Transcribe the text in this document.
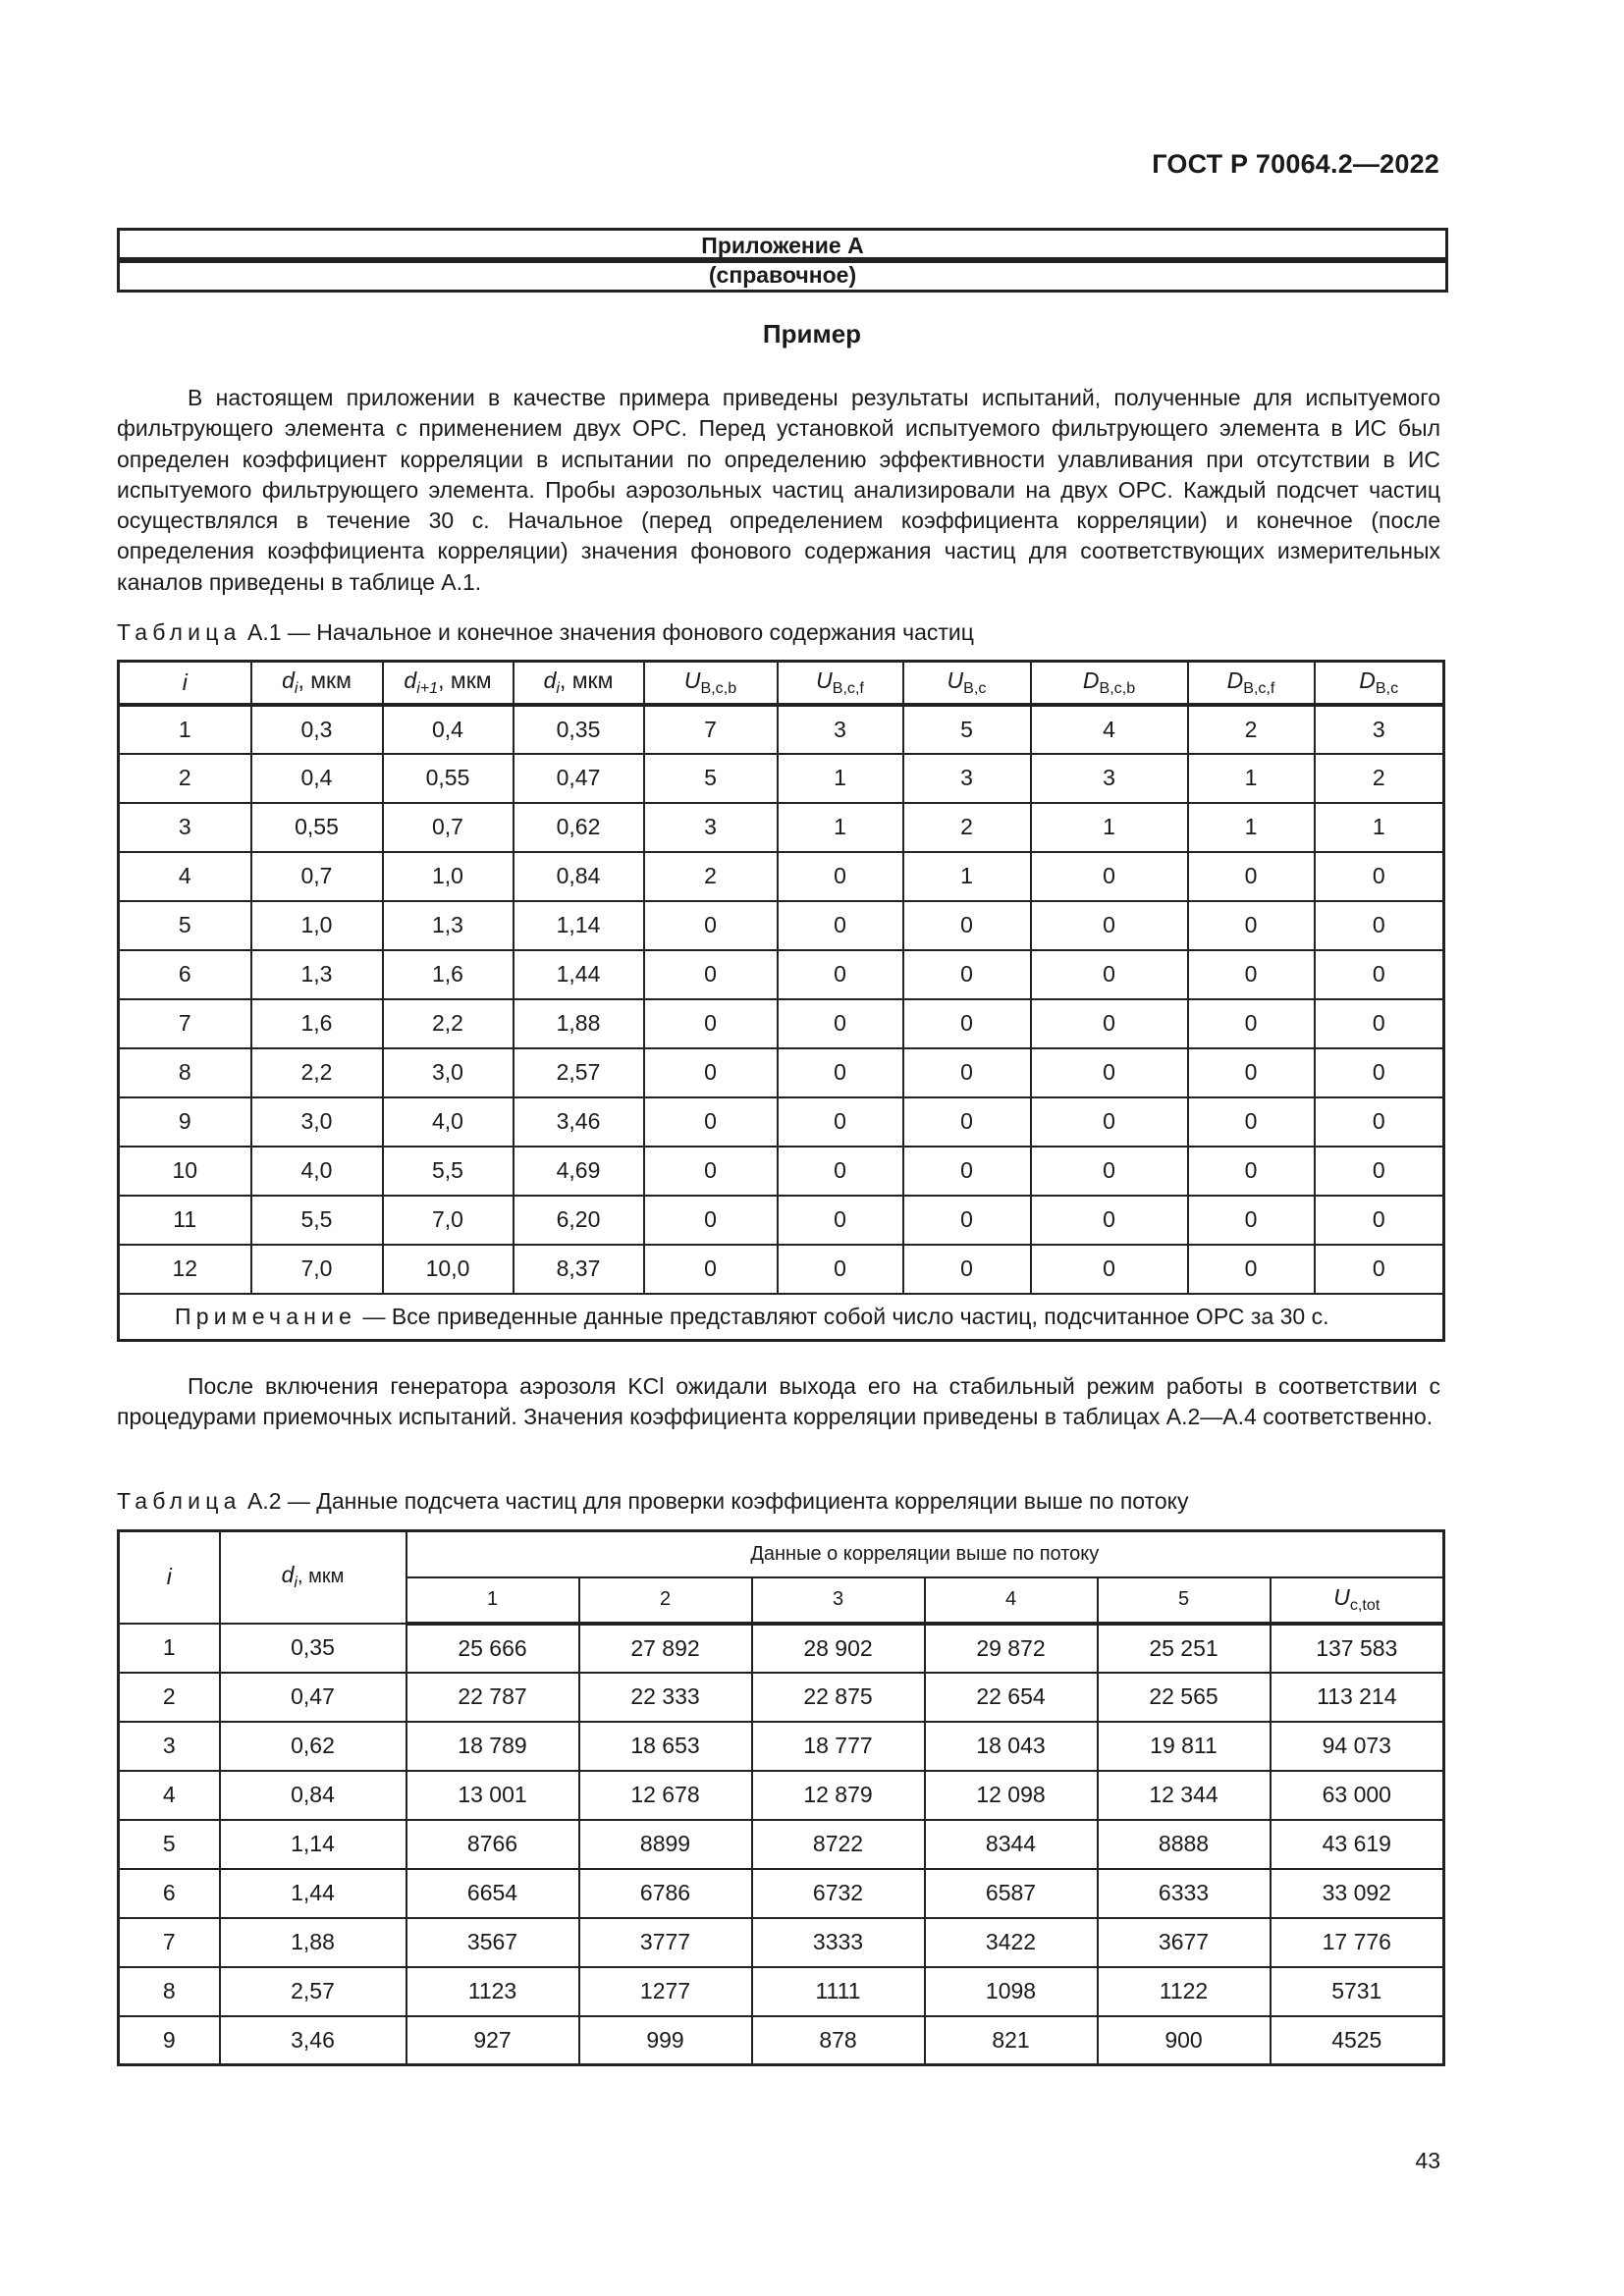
ГОСТ Р 70064.2—2022
Приложение А
(справочное)
Пример
В настоящем приложении в качестве примера приведены результаты испытаний, полученные для испытуемого фильтрующего элемента с применением двух ОРС. Перед установкой испытуемого фильтрующего элемента в ИС был определен коэффициент корреляции в испытании по определению эффективности улавливания при отсутствии в ИС испытуемого фильтрующего элемента. Пробы аэрозольных частиц анализировали на двух ОРС. Каждый подсчет частиц осуществлялся в течение 30 с. Начальное (перед определением коэффициента корреляции) и конечное (после определения коэффициента корреляции) значения фонового содержания частиц для соответствующих измерительных каналов приведены в таблице А.1.
Таблица А.1 — Начальное и конечное значения фонового содержания частиц
i	$d_i$, мкм	$d_{i+1}$, мкм	$d_i$, мкм	$U_{B,c,b}$	$U_{B,c,f}$	$U_{B,c}$	$D_{B,c,b}$	$D_{B,c,f}$	$D_{B,c}$
1	0,3	0,4	0,35	7	3	5	4	2	3
2	0,4	0,55	0,47	5	1	3	3	1	2
3	0,55	0,7	0,62	3	1	2	1	1	1
4	0,7	1,0	0,84	2	0	1	0	0	0
5	1,0	1,3	1,14	0	0	0	0	0	0
6	1,3	1,6	1,44	0	0	0	0	0	0
7	1,6	2,2	1,88	0	0	0	0	0	0
8	2,2	3,0	2,57	0	0	0	0	0	0
9	3,0	4,0	3,46	0	0	0	0	0	0
10	4,0	5,5	4,69	0	0	0	0	0	0
11	5,5	7,0	6,20	0	0	0	0	0	0
12	7,0	10,0	8,37	0	0	0	0	0	0
Примечание — Все приведенные данные представляют собой число частиц, подсчитанное ОРС за 30 с.									
После включения генератора аэрозоля KCl ожидали выхода его на стабильный режим работы в соответствии с процедурами приемочных испытаний. Значения коэффициента корреляции приведены в таблицах А.2—А.4 соответственно.
Таблица А.2 — Данные подсчета частиц для проверки коэффициента корреляции выше по потоку
i	$d_i$, мкм	Данные о корреляции выше по потоку					
		1	2	3	4	5	$U_{c,tot}$
1	0,35	25 666	27 892	28 902	29 872	25 251	137 583
2	0,47	22 787	22 333	22 875	22 654	22 565	113 214
3	0,62	18 789	18 653	18 777	18 043	19 811	94 073
4	0,84	13 001	12 678	12 879	12 098	12 344	63 000
5	1,14	8766	8899	8722	8344	8888	43 619
6	1,44	6654	6786	6732	6587	6333	33 092
7	1,88	3567	3777	3333	3422	3677	17 776
8	2,57	1123	1277	1111	1098	1122	5731
9	3,46	927	999	878	821	900	4525
43
